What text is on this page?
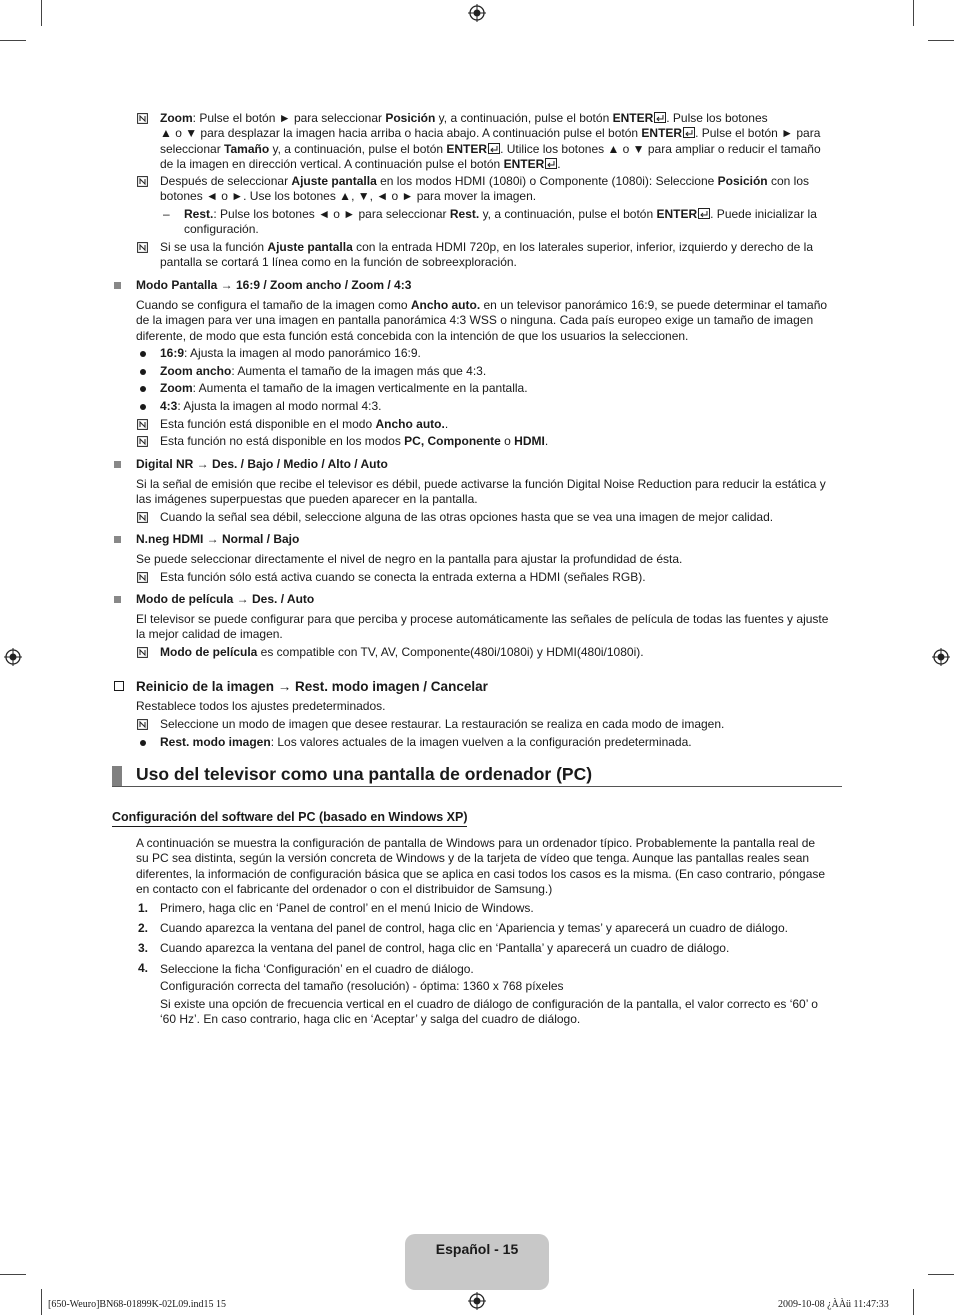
Zoom: Pulse el botón ► para seleccionar Posición y, a continuación, pulse el botón ENTER . Pulse los botones
▲ o ▼ para desplazar la imagen hacia arriba o hacia abajo. A continuación pulse el botón ENTER . Pulse el botón ► para
seleccionar Tamaño y, a continuación, pulse el botón ENTER . Utilice los botones ▲ o ▼ para ampliar o reducir el tamaño
de la imagen en dirección vertical. A continuación pulse el botón ENTER .
Después de seleccionar Ajuste pantalla en los modos HDMI (1080i) o Componente (1080i): Seleccione Posición con los
botones ◄ o ►. Use los botones ▲, ▼, ◄ o ► para mover la imagen.
– Rest.: Pulse los botones ◄ o ► para seleccionar Rest. y, a continuación, pulse el botón ENTER . Puede inicializar la
configuración.
Si se usa la función Ajuste pantalla con la entrada HDMI 720p, en los laterales superior, inferior, izquierdo y derecho de la
pantalla se cortará 1 línea como en la función de sobreexploración.
Modo Pantalla → 16:9 / Zoom ancho / Zoom / 4:3
Cuando se configura el tamaño de la imagen como Ancho auto. en un televisor panorámico 16:9, se puede determinar el tamaño
de la imagen para ver una imagen en pantalla panorámica 4:3 WSS o ninguna. Cada país europeo exige un tamaño de imagen
diferente, de modo que esta función está concebida con la intención de que los usuarios la seleccionen.
16:9: Ajusta la imagen al modo panorámico 16:9.
Zoom ancho: Aumenta el tamaño de la imagen más que 4:3.
Zoom: Aumenta el tamaño de la imagen verticalmente en la pantalla.
4:3: Ajusta la imagen al modo normal 4:3.
Esta función está disponible en el modo Ancho auto..
Esta función no está disponible en los modos PC, Componente o HDMI.
Digital NR → Des. / Bajo / Medio / Alto / Auto
Si la señal de emisión que recibe el televisor es débil, puede activarse la función Digital Noise Reduction para reducir la estática y
las imágenes superpuestas que pueden aparecer en la pantalla.
Cuando la señal sea débil, seleccione alguna de las otras opciones hasta que se vea una imagen de mejor calidad.
N.neg HDMI → Normal / Bajo
Se puede seleccionar directamente el nivel de negro en la pantalla para ajustar la profundidad de ésta.
Esta función sólo está activa cuando se conecta la entrada externa a HDMI (señales RGB).
Modo de película → Des. / Auto
El televisor se puede configurar para que perciba y procese automáticamente las señales de película de todas las fuentes y ajuste
la mejor calidad de imagen.
Modo de película es compatible con TV, AV, Componente(480i/1080i) y HDMI(480i/1080i).
Reinicio de la imagen → Rest. modo imagen / Cancelar
Restablece todos los ajustes predeterminados.
Seleccione un modo de imagen que desee restaurar. La restauración se realiza en cada modo de imagen.
Rest. modo imagen: Los valores actuales de la imagen vuelven a la configuración predeterminada.
Uso del televisor como una pantalla de ordenador (PC)
Configuración del software del PC (basado en Windows XP)
A continuación se muestra la configuración de pantalla de Windows para un ordenador típico. Probablemente la pantalla real de
su PC sea distinta, según la versión concreta de Windows y de la tarjeta de vídeo que tenga. Aunque las pantallas reales sean
diferentes, la información de configuración básica que se aplica en casi todos los casos es la misma. (En caso contrario, póngase
en contacto con el fabricante del ordenador o con el distribuidor de Samsung.)
1. Primero, haga clic en ‘Panel de control’ en el menú Inicio de Windows.
2. Cuando aparezca la ventana del panel de control, haga clic en ‘Apariencia y temas’ y aparecerá un cuadro de diálogo.
3. Cuando aparezca la ventana del panel de control, haga clic en ‘Pantalla’ y aparecerá un cuadro de diálogo.
4. Seleccione la ficha ‘Configuración’ en el cuadro de diálogo.
Configuración correcta del tamaño (resolución) - óptima: 1360 x 768 píxeles
Si existe una opción de frecuencia vertical en el cuadro de diálogo de configuración de la pantalla, el valor correcto es ‘60’ o
‘60 Hz’. En caso contrario, haga clic en ‘Aceptar’ y salga del cuadro de diálogo.
Español - 15
[650-Weuro]BN68-01899K-02L09.ind15 15	2009-10-08 ¿ÀÀü 11:47:33
